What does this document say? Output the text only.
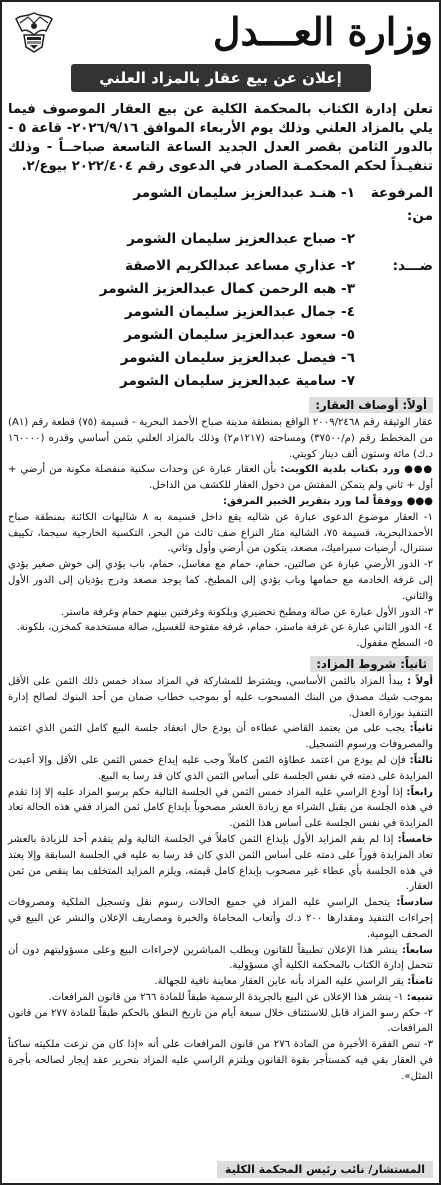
وزارة العـــدل
إعلان عن بيع عقار بالمزاد العلني

تعلن إدارة الكتاب بالمحكمة الكلية عن بيع العقار الموصوف فيما يلي بالمزاد العلني وذلك يوم الأربعاء الموافق ٢٠٢٦/٩/١٦- قاعة ٥ - بالدور الثامن بقصر العدل الجديد الساعة التاسعة صباحــاً - وذلك تنفيـذاً لحكم المحكمـة الصادر في الدعوى رقم ٢٠٢٢/٤٠٤ بيوع/٢.

المرفوعة من:
١- هنـد عبدالعزيز سليمان الشومر
٢- صباح عبدالعزيز سليمان الشومر
ضـــد:
٢- عذاري مساعد عبدالكريم الاصقة
٣- هبه الرحمن كمال عبدالعزيز الشومر
٤- جمال عبدالعزيز سليمان الشومر
٥- سعود عبدالعزيز سليمان الشومر
٦- فيصل عبدالعزيز سليمان الشومر
٧- سامية عبدالعزيز سليمان الشومر
أولاً: أوصاف العقار:

عقار الوثيقة رقم ٢٠٠٩/٢٤٦٨ الواقع بمنطقة مدينة صباح الأحمد البحرية - قسيمة (٧٥) قطعة رقم (A١) من المخطط رقم (م/٣٧٥٠٠) ومساحته (١٢١٧م٢) وذلك بالمزاد العلني بثمن أساسي وقدره (١٦٠٠٠٠ د.ك) مائة وستون ألف دينار كويتي.

●●● ورد بكتاب بلدية الكويت: بأن العقار عبارة عن وحدات سكنية منفصلة مكونة من أرضي + أول + ثاني ولم يتمكن المفتش من دخول العقار للكشف من الداخل.

●●● ووفقاً لما ورد بتقرير الخبير المرفق:

١- العقار موضوع الدعوى عبارة عن شاليه يقع داخل قسيمة به ٨ شاليهات الكائنة بمنطقة صباح الأحمدالبحرية، قسيمة ٧٥، الشاليه مثار النزاع صف ثالث من البحر، التكسية الخارجية سيجما، تكييف سنترال، أرضيات سيراميك، مصعد، يتكون من أرضي وأول وثاني.

٢- الدور الأرضي عبارة عن صالتين، حمام، حمام مع مغاسل، حمام، باب يؤدي إلى حوش صغير يؤدي إلى غرفة الخادمة مع حمامها وباب يؤدي إلى المطبخ، كما يوجد مصعد ودرج يؤديان إلى الدور الأول والثاني.

٣- الدور الأول عبارة عن صالة ومطبخ تحضيري وبلكونة وغرفتين بينهم حمام وغرفة ماستر.

٤- الدور الثاني عبارة عن غرفة ماستر، حمام، غرفة مفتوحة للغسيل، صالة مستخدمة كمخزن، بلكونة.

٥- السطح مقفول.

ثانياً: شروط المزاد:

أولاً : يبدأ المزاد بالثمن الأساسي، ويشترط للمشاركة في المزاد سداد خمس ذلك الثمن على الأقل بموجب شيك مصدق من البنك المسحوب عليه أو بموجب خطاب ضمان من أحد البنوك لصالح إدارة التنفيذ بوزارة العدل.

ثانياً: يجب على من يعتمد القاضي عطاءه أن يودع حال انعقاد جلسة البيع كامل الثمن الذي اعتمد والمصروفات ورسوم التسجيل.

ثالثاً: فإن لم يودع من اعتمد عطاؤه الثمن كاملاً وجب عليه إيداع خمس الثمن على الأقل وإلا أعيدت المزايدة على ذمته في نفس الجلسة على أساس الثمن الذي كان قد رسا به البيع.

رابعاً: إذا أودع الراسي عليه المزاد خمس الثمن في الجلسة التالية حكم برسو المزاد عليه إلا إذا تقدم في هذه الجلسة من يقبل الشراء مع زيادة العشر مصحوباً بإيداع كامل ثمن المزاد ففي هذه الحالة تعاد المزايدة في نفس الجلسة على أساس هذا الثمن.

خامساً: إذا لم يقم المزايد الأول بإيداع الثمن كاملاً في الجلسة التالية ولم يتقدم أحد للزيادة بالعشر تعاد المزايدة فوراً على ذمته على أساس الثمن الذي كان قد رسا به عليه في الجلسة السابقة وإلا يعتد في هذه الجلسة بأي عطاء غير مصحوب بإيداع كامل قيمته، ويلزم المزايد المتخلف بما ينقص من ثمن العقار.

سادساً: يتحمل الراسي عليه المزاد في جميع الحالات رسوم نقل وتسجيل الملكية ومصروفات إجراءات التنفيذ ومقدارها ٢٠٠ د.ك وأتعاب المحاماة والخبرة ومصاريف الإعلان والنشر عن البيع في الصحف اليومية.

سابعاً: ينشر هذا الإعلان تطبيقاً للقانون ويطلب المباشرين لإجراءات البيع وعلى مسؤوليتهم دون أن تتحمل إدارة الكتاب بالمحكمة الكلية أي مسؤولية.

ثامناً: يقر الراسي عليه المزاد بأنه عاين العقار معاينة نافية للجهالة.

تنبيه: ١- ينشر هذا الإعلان عن البيع بالجريدة الرسمية طبقاً للمادة ٢٦٦ من قانون المرافعات.

٢- حكم رسو المزاد قابل للاستئناف خلال سبعة أيام من تاريخ النطق بالحكم طبقاً للمادة ٢٧٧ من قانون المرافعات.

٣- تنص الفقرة الأخيرة من المادة ٢٧٦ من قانون المرافعات على أنه «إذا كان من نزعت ملكيته ساكناً في العقار بقي فيه كمستأجر بقوة القانون ويلتزم الراسي عليه المزاد بتحرير عقد إيجار لصالحه بأجرة المثل».

المستشار/ نائب رئيس المحكمة الكلية
